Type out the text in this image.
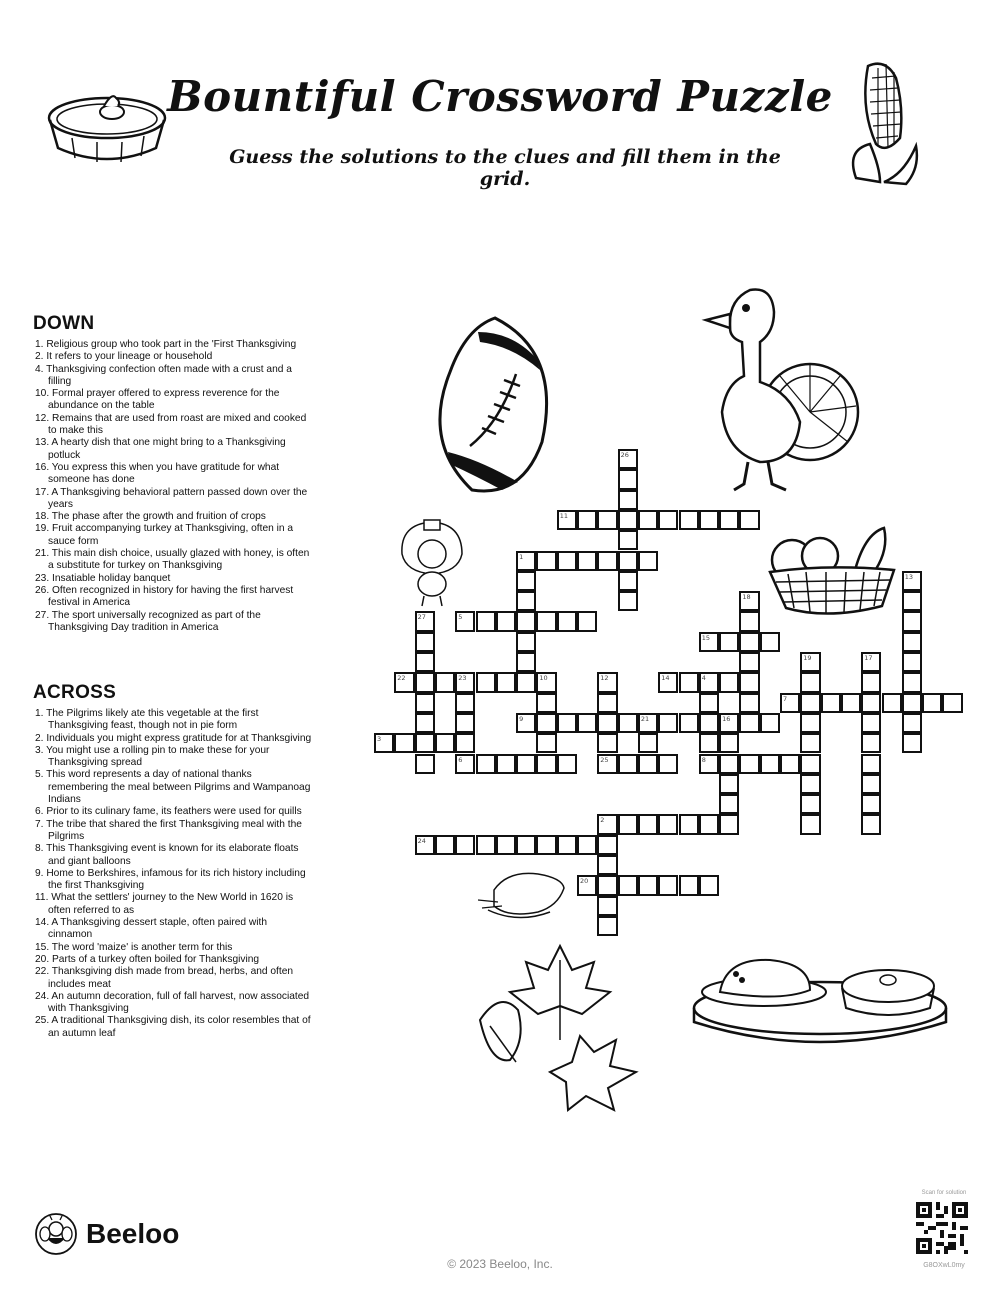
Bountiful Crossword Puzzle
Guess the solutions to the clues and fill them in the grid.
DOWN
1. Religious group who took part in the 'First Thanksgiving
2. It refers to your lineage or household
4. Thanksgiving confection often made with a crust and a filling
10. Formal prayer offered to express reverence for the abundance on the table
12. Remains that are used from roast are mixed and cooked to make this
13. A hearty dish that one might bring to a Thanksgiving potluck
16. You express this when you have gratitude for what someone has done
17. A Thanksgiving behavioral pattern passed down over the years
18. The phase after the growth and fruition of crops
19. Fruit accompanying turkey at Thanksgiving, often in a sauce form
21. This main dish choice, usually glazed with honey, is often a substitute for turkey on Thanksgiving
23. Insatiable holiday banquet
26. Often recognized in history for having the first harvest festival in America
27. The sport universally recognized as part of the Thanksgiving Day tradition in America
ACROSS
1. The Pilgrims likely ate this vegetable at the first Thanksgiving feast, though not in pie form
2. Individuals you might express gratitude for at Thanksgiving
3. You might use a rolling pin to make these for your Thanksgiving spread
5. This word represents a day of national thanks remembering the meal between Pilgrims and Wampanoag Indians
6. Prior to its culinary fame, its feathers were used for quills
7. The tribe that shared the first Thanksgiving meal with the Pilgrims
8. This Thanksgiving event is known for its elaborate floats and giant balloons
9. Home to Berkshires, infamous for its rich history including the first Thanksgiving
11. What the settlers' journey to the New World in 1620 is often referred to as
14. A Thanksgiving dessert staple, often paired with cinnamon
15. The word 'maize' is another term for this
20. Parts of a turkey often boiled for Thanksgiving
22. Thanksgiving dish made from bread, herbs, and often includes meat
24. An autumn decoration, full of fall harvest, now associated with Thanksgiving
25. A traditional Thanksgiving dish, its color resembles that of an autumn leaf
11
1
5
15
22	23	10	14	4
7
9	21	16
3
6	25	8
2
24
20
26
13
18
27
19	17
12
Beeloo
© 2023 Beeloo, Inc.
Scan for solution
G8OXwL0my
